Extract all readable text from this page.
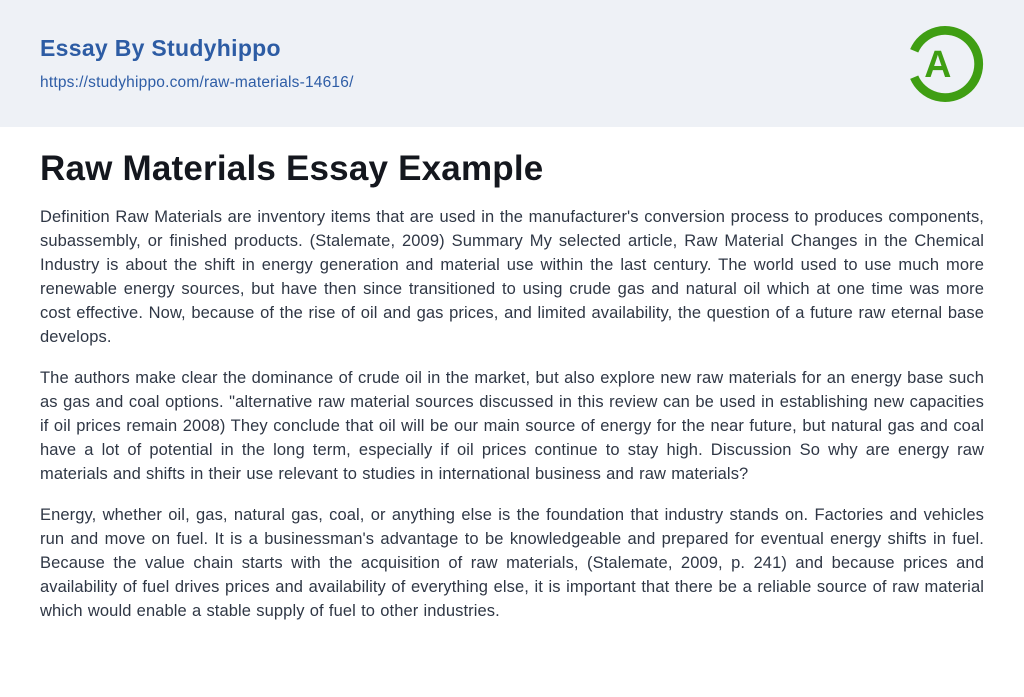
Essay By Studyhippo
https://studyhippo.com/raw-materials-14616/	A
Raw Materials Essay Example

Definition Raw Materials are inventory items that are used in the manufacturer's conversion process to produces components, subassembly, or finished products. (Stalemate, 2009) Summary My selected article, Raw Material Changes in the Chemical Industry is about the shift in energy generation and material use within the last century. The world used to use much more renewable energy sources, but have then since transitioned to using crude gas and natural oil which at one time was more cost effective. Now, because of the rise of oil and gas prices, and limited availability, the question of a future raw eternal base develops.

The authors make clear the dominance of crude oil in the market, but also explore new raw materials for an energy base such as gas and coal options. "alternative raw material sources discussed in this review can be used in establishing new capacities if oil prices remain 2008) They conclude that oil will be our main source of energy for the near future, but natural gas and coal have a lot of potential in the long term, especially if oil prices continue to stay high. Discussion So why are energy raw materials and shifts in their use relevant to studies in international business and raw materials?

Energy, whether oil, gas, natural gas, coal, or anything else is the foundation that industry stands on. Factories and vehicles run and move on fuel. It is a businessman's advantage to be knowledgeable and prepared for eventual energy shifts in fuel. Because the value chain starts with the acquisition of raw materials, (Stalemate, 2009, p. 241) and because prices and availability of fuel drives prices and availability of everything else, it is important that there be a reliable source of raw material which would enable a stable supply of fuel to other industries.
